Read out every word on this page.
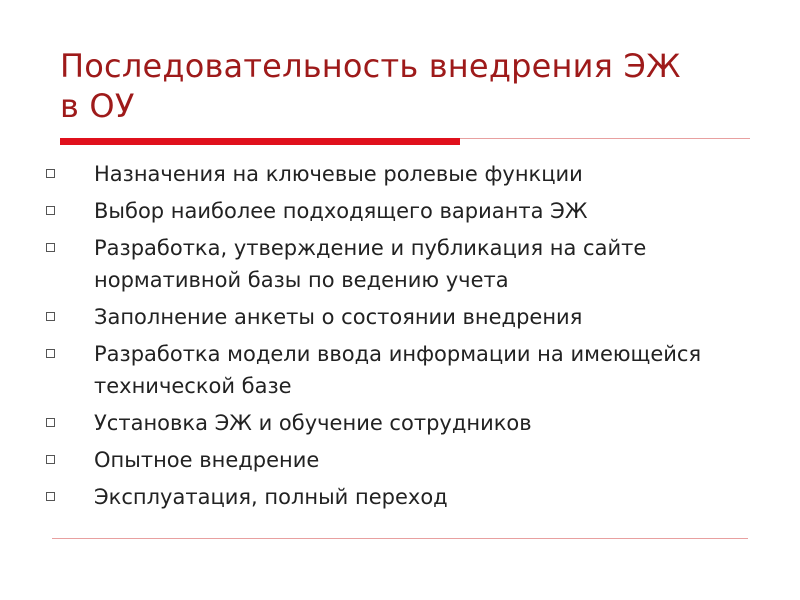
Последовательность внедрения ЭЖ
в ОУ
Назначения на ключевые ролевые функции
Выбор наиболее подходящего варианта ЭЖ
Разработка, утверждение и публикация на сайте нормативной базы по ведению учета
Заполнение анкеты о состоянии внедрения
Разработка модели ввода информации на имеющейся технической базе
Установка ЭЖ и обучение сотрудников
Опытное внедрение
Эксплуатация, полный переход
